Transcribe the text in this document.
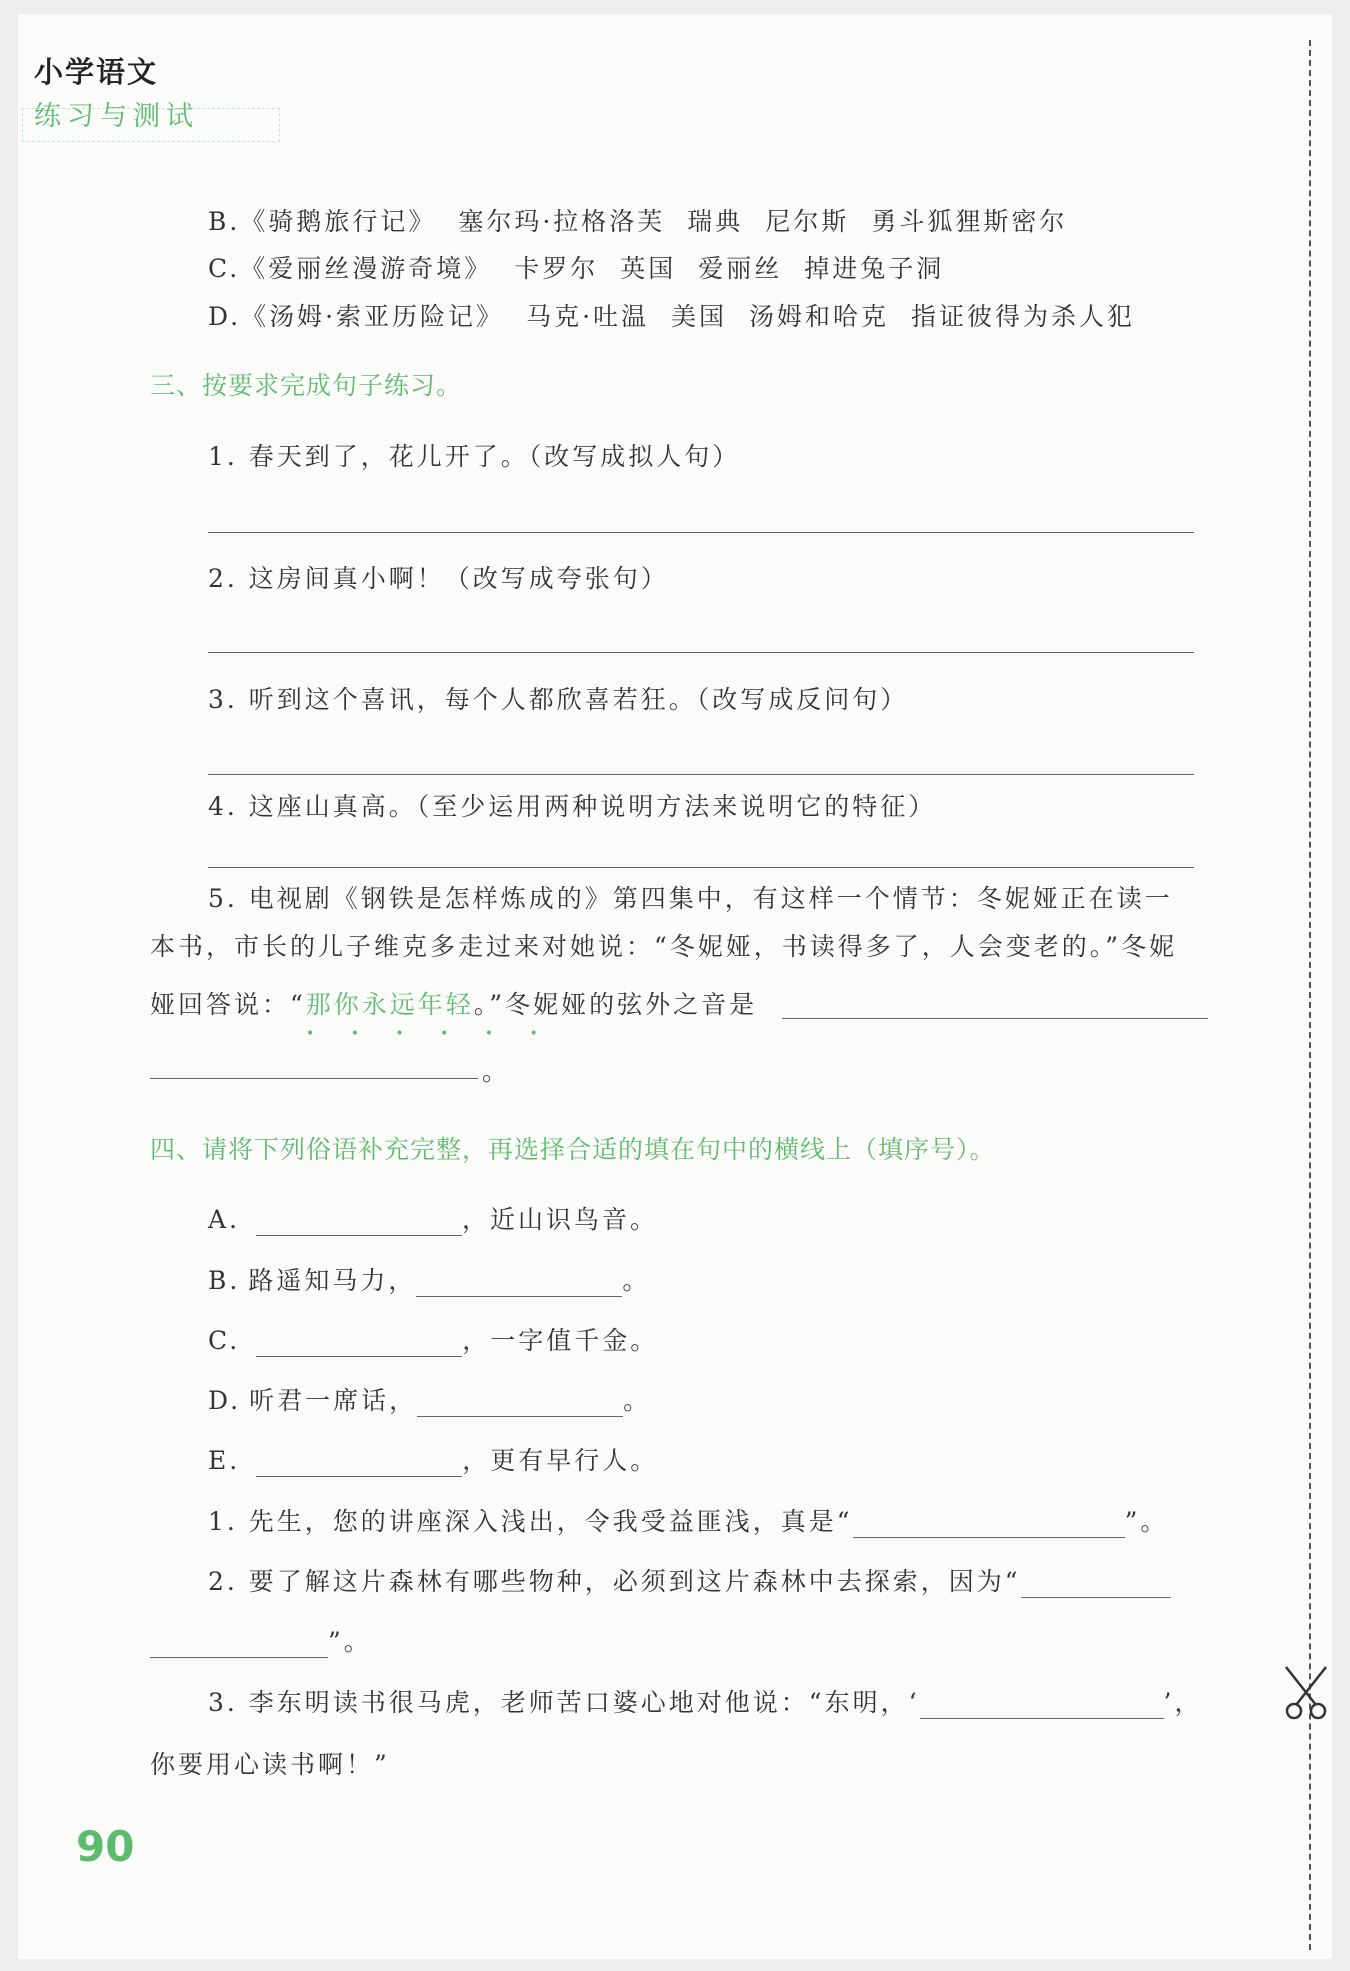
小学语文
练习与测试
B.《骑鹅旅行记》 塞尔玛·拉格洛芙 瑞典 尼尔斯 勇斗狐狸斯密尔
C.《爱丽丝漫游奇境》 卡罗尔 英国 爱丽丝 掉进兔子洞
D.《汤姆·索亚历险记》 马克·吐温 美国 汤姆和哈克 指证彼得为杀人犯
三、按要求完成句子练习。
1. 春天到了，花儿开了。（改写成拟人句）
2. 这房间真小啊！（改写成夸张句）
3. 听到这个喜讯，每个人都欣喜若狂。（改写成反问句）
4. 这座山真高。（至少运用两种说明方法来说明它的特征）
5. 电视剧《钢铁是怎样炼成的》第四集中，有这样一个情节：冬妮娅正在读一
本书，市长的儿子维克多走过来对她说：“冬妮娅，书读得多了，人会变老的。”冬妮
娅回答说：“那你永远年轻。”冬妮娅的弦外之音是
• • • • • •
。
四、请将下列俗语补充完整，再选择合适的填在句中的横线上（填序号）。
A.	，近山识鸟音。
B. 路遥知马力，	。
C.	，一字值千金。
D. 听君一席话，	。
E.	，更有早行人。
1. 先生，您的讲座深入浅出，令我受益匪浅，真是“	”。
2. 要了解这片森林有哪些物种，必须到这片森林中去探索，因为“
”。
3. 李东明读书很马虎，老师苦口婆心地对他说：“东明，‘	’，
你要用心读书啊！”
90
